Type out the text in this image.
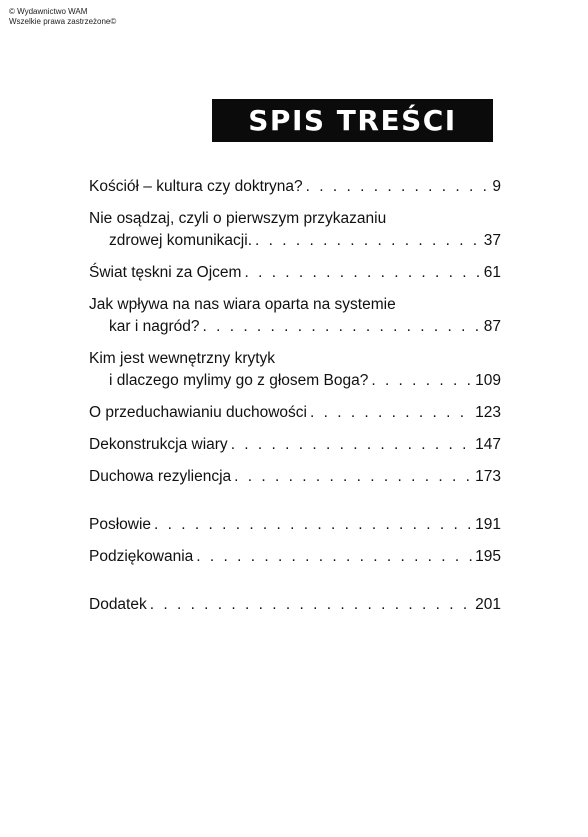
© Wydawnictwo WAM
Wszelkie prawa zastrzeżone©
SPIS TREŚCI
Kościół – kultura czy doktryna? . . .	9
Nie osądzaj, czyli o pierwszym przykazaniu
zdrowej komunikacji. . . .	37
Świat tęskni za Ojcem . . .	61
Jak wpływa na nas wiara oparta na systemie
kar i nagród? . . .	87
Kim jest wewnętrzny krytyk
i dlaczego mylimy go z głosem Boga? . . .	109
O przeduchawianiu duchowości . . .	123
Dekonstrukcja wiary . . .	147
Duchowa rezyliencja . . .	173
Posłowie . . .	191
Podziękowania . . .	195
Dodatek . . .	201
